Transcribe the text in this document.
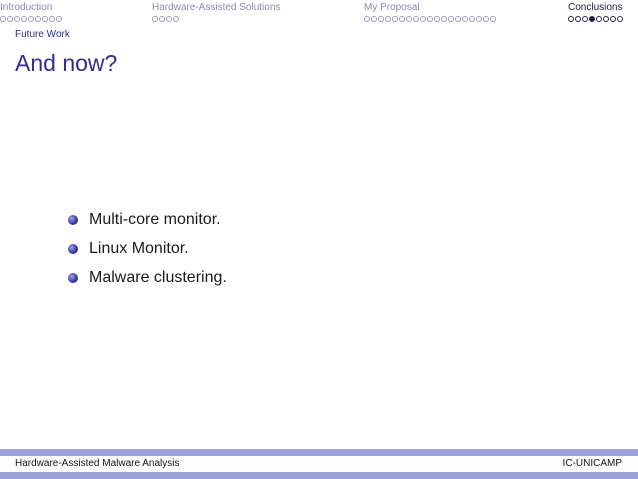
Introduction	Hardware-Assisted Solutions	My Proposal	Conclusions
Future Work
And now?
Multi-core monitor.
Linux Monitor.
Malware clustering.
Hardware-Assisted Malware Analysis	IC-UNICAMP
